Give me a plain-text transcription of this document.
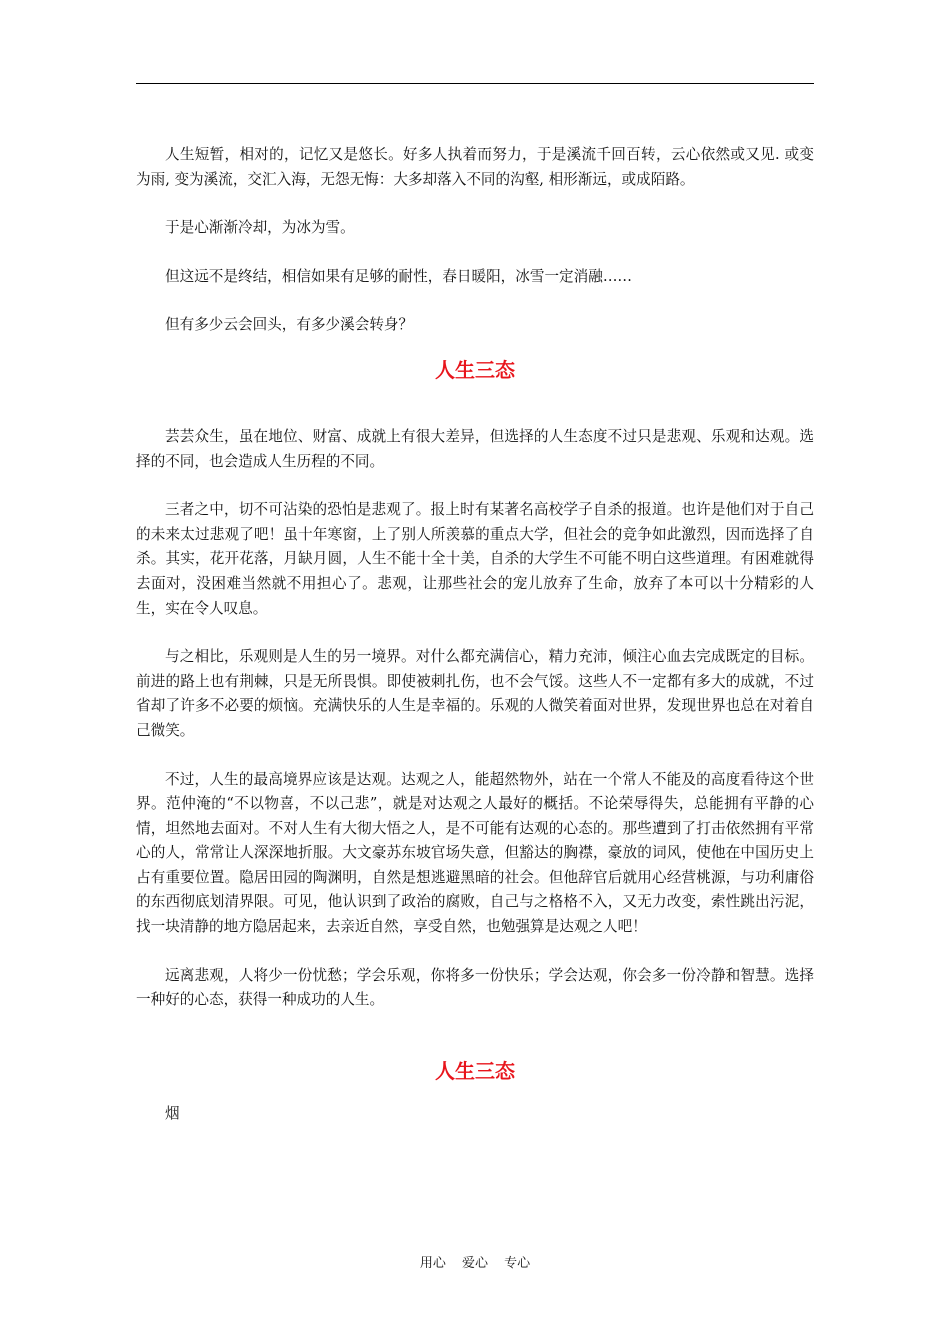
人生短暂，相对的，记忆又是悠长。好多人执着而努力，于是溪流千回百转，云心依然或又见. 或变为雨, 变为溪流，交汇入海，无怨无悔：大多却落入不同的沟壑, 相形渐远，或成陌路。

于是心渐渐冷却，为冰为雪。

但这远不是终结，相信如果有足够的耐性，春日暖阳，冰雪一定消融……

但有多少云会回头，有多少溪会转身？

人生三态

芸芸众生，虽在地位、财富、成就上有很大差异，但选择的人生态度不过只是悲观、乐观和达观。选择的不同，也会造成人生历程的不同。

三者之中，切不可沾染的恐怕是悲观了。报上时有某著名高校学子自杀的报道。也许是他们对于自己的未来太过悲观了吧！虽十年寒窗，上了别人所羡慕的重点大学，但社会的竞争如此激烈，因而选择了自杀。其实，花开花落，月缺月圆，人生不能十全十美，自杀的大学生不可能不明白这些道理。有困难就得去面对，没困难当然就不用担心了。悲观，让那些社会的宠儿放弃了生命，放弃了本可以十分精彩的人生，实在令人叹息。

与之相比，乐观则是人生的另一境界。对什么都充满信心，精力充沛，倾注心血去完成既定的目标。前进的路上也有荆棘，只是无所畏惧。即使被刺扎伤，也不会气馁。这些人不一定都有多大的成就，不过省却了许多不必要的烦恼。充满快乐的人生是幸福的。乐观的人微笑着面对世界，发现世界也总在对着自己微笑。

不过，人生的最高境界应该是达观。达观之人，能超然物外，站在一个常人不能及的高度看待这个世界。范仲淹的“不以物喜，不以己悲”，就是对达观之人最好的概括。不论荣辱得失，总能拥有平静的心情，坦然地去面对。不对人生有大彻大悟之人，是不可能有达观的心态的。那些遭到了打击依然拥有平常心的人，常常让人深深地折服。大文豪苏东坡官场失意，但豁达的胸襟，豪放的词风，使他在中国历史上占有重要位置。隐居田园的陶渊明，自然是想逃避黑暗的社会。但他辞官后就用心经营桃源，与功利庸俗的东西彻底划清界限。可见，他认识到了政治的腐败，自己与之格格不入，又无力改变，索性跳出污泥，找一块清静的地方隐居起来，去亲近自然，享受自然，也勉强算是达观之人吧！

远离悲观，人将少一份忧愁；学会乐观，你将多一份快乐；学会达观，你会多一份冷静和智慧。选择一种好的心态，获得一种成功的人生。

人生三态

烟

用心 爱心 专心
